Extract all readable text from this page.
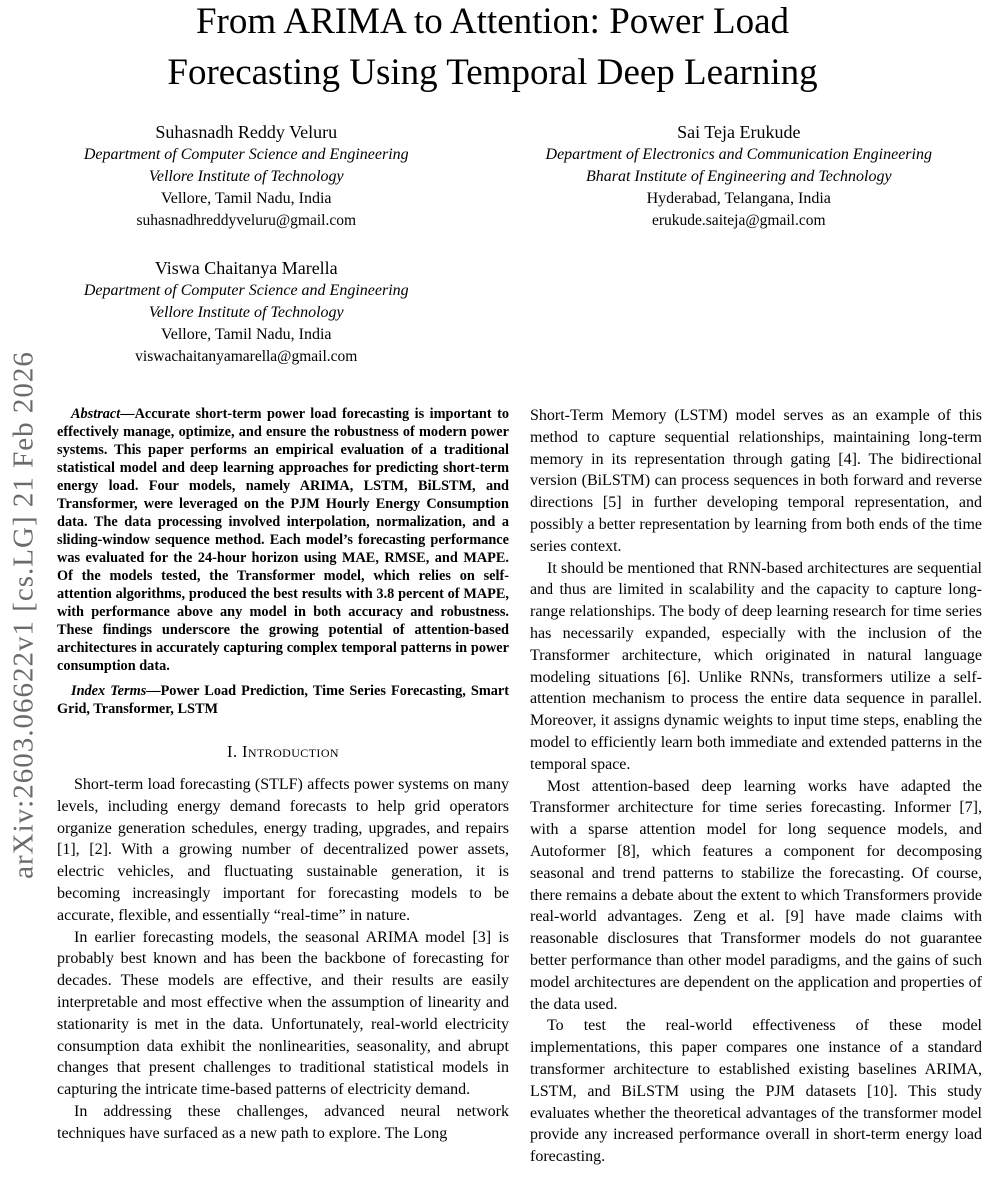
arXiv:2603.06622v1 [cs.LG] 21 Feb 2026
From ARIMA to Attention: Power Load
Forecasting Using Temporal Deep Learning
Suhasnadh Reddy Veluru
Department of Computer Science and Engineering
Vellore Institute of Technology
Vellore, Tamil Nadu, India
suhasnadhreddyveluru@gmail.com
Sai Teja Erukude
Department of Electronics and Communication Engineering
Bharat Institute of Engineering and Technology
Hyderabad, Telangana, India
erukude.saiteja@gmail.com
Viswa Chaitanya Marella
Department of Computer Science and Engineering
Vellore Institute of Technology
Vellore, Tamil Nadu, India
viswachaitanyamarella@gmail.com

Abstract—Accurate short-term power load forecasting is important to effectively manage, optimize, and ensure the robustness of modern power systems. This paper performs an empirical evaluation of a traditional statistical model and deep learning approaches for predicting short-term energy load. Four models, namely ARIMA, LSTM, BiLSTM, and Transformer, were leveraged on the PJM Hourly Energy Consumption data. The data processing involved interpolation, normalization, and a sliding-window sequence method. Each model’s forecasting performance was evaluated for the 24-hour horizon using MAE, RMSE, and MAPE. Of the models tested, the Transformer model, which relies on self-attention algorithms, produced the best results with 3.8 percent of MAPE, with performance above any model in both accuracy and robustness. These findings underscore the growing potential of attention-based architectures in accurately capturing complex temporal patterns in power consumption data.

Index Terms—Power Load Prediction, Time Series Forecasting, Smart Grid, Transformer, LSTM

I. Introduction

Short-term load forecasting (STLF) affects power systems on many levels, including energy demand forecasts to help grid operators organize generation schedules, energy trading, upgrades, and repairs [1], [2]. With a growing number of decentralized power assets, electric vehicles, and fluctuating sustainable generation, it is becoming increasingly important for forecasting models to be accurate, flexible, and essentially “real-time” in nature.

In earlier forecasting models, the seasonal ARIMA model [3] is probably best known and has been the backbone of forecasting for decades. These models are effective, and their results are easily interpretable and most effective when the assumption of linearity and stationarity is met in the data. Unfortunately, real-world electricity consumption data exhibit the nonlinearities, seasonality, and abrupt changes that present challenges to traditional statistical models in capturing the intricate time-based patterns of electricity demand.

In addressing these challenges, advanced neural network techniques have surfaced as a new path to explore. The Long

Short-Term Memory (LSTM) model serves as an example of this method to capture sequential relationships, maintaining long-term memory in its representation through gating [4]. The bidirectional version (BiLSTM) can process sequences in both forward and reverse directions [5] in further developing temporal representation, and possibly a better representation by learning from both ends of the time series context.

It should be mentioned that RNN-based architectures are sequential and thus are limited in scalability and the capacity to capture long-range relationships. The body of deep learning research for time series has necessarily expanded, especially with the inclusion of the Transformer architecture, which originated in natural language modeling situations [6]. Unlike RNNs, transformers utilize a self-attention mechanism to process the entire data sequence in parallel. Moreover, it assigns dynamic weights to input time steps, enabling the model to efficiently learn both immediate and extended patterns in the temporal space.

Most attention-based deep learning works have adapted the Transformer architecture for time series forecasting. Informer [7], with a sparse attention model for long sequence models, and Autoformer [8], which features a component for decomposing seasonal and trend patterns to stabilize the forecasting. Of course, there remains a debate about the extent to which Transformers provide real-world advantages. Zeng et al. [9] have made claims with reasonable disclosures that Transformer models do not guarantee better performance than other model paradigms, and the gains of such model architectures are dependent on the application and properties of the data used.

To test the real-world effectiveness of these model implementations, this paper compares one instance of a standard transformer architecture to established existing baselines ARIMA, LSTM, and BiLSTM using the PJM datasets [10]. This study evaluates whether the theoretical advantages of the transformer model provide any increased performance overall in short-term energy load forecasting.
